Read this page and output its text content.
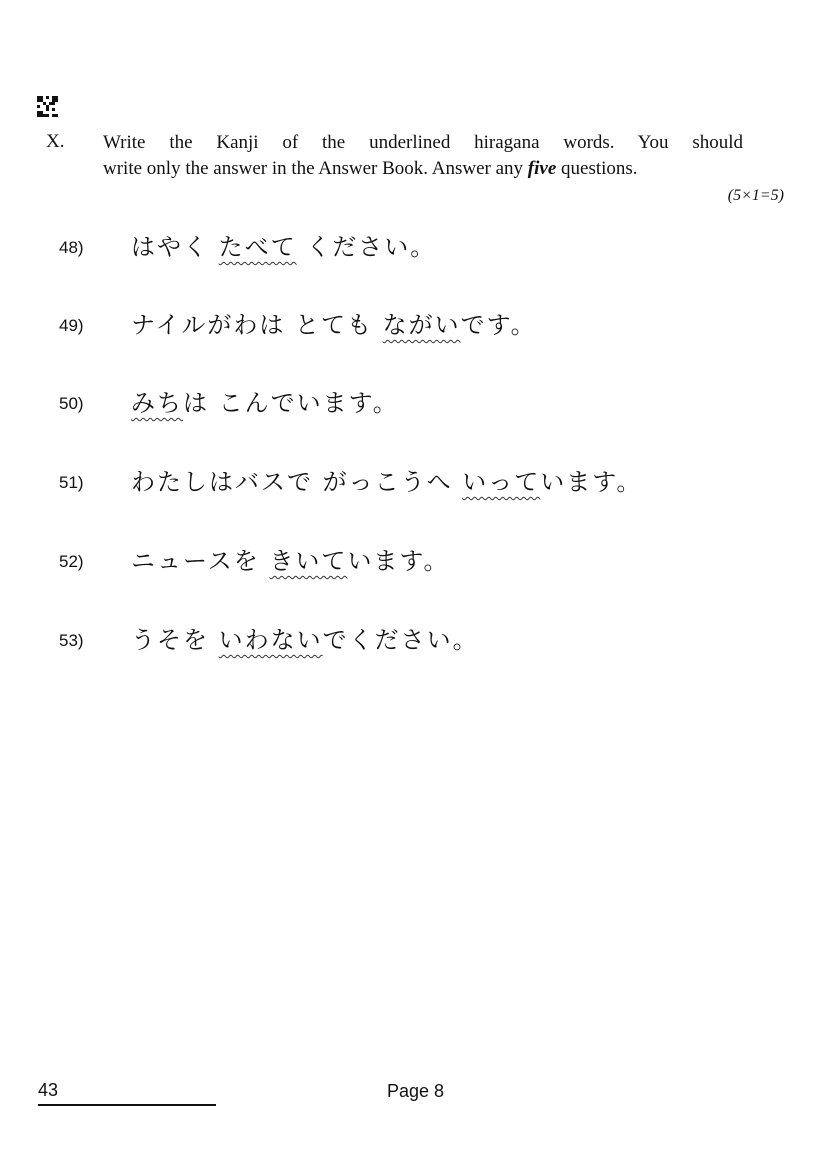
X. Write the Kanji of the underlined hiragana words. You should
write only the answer in the Answer Book. Answer any five questions.
(5×1=5)
48) はやく たべて ください。
49) ナイルがわは とても ながいです。
50) みちは こんでいます。
51) わたしはバスで がっこうへ いっています。
52) ニュースを きいています。
53) うそを いわないでください。
43	Page 8
